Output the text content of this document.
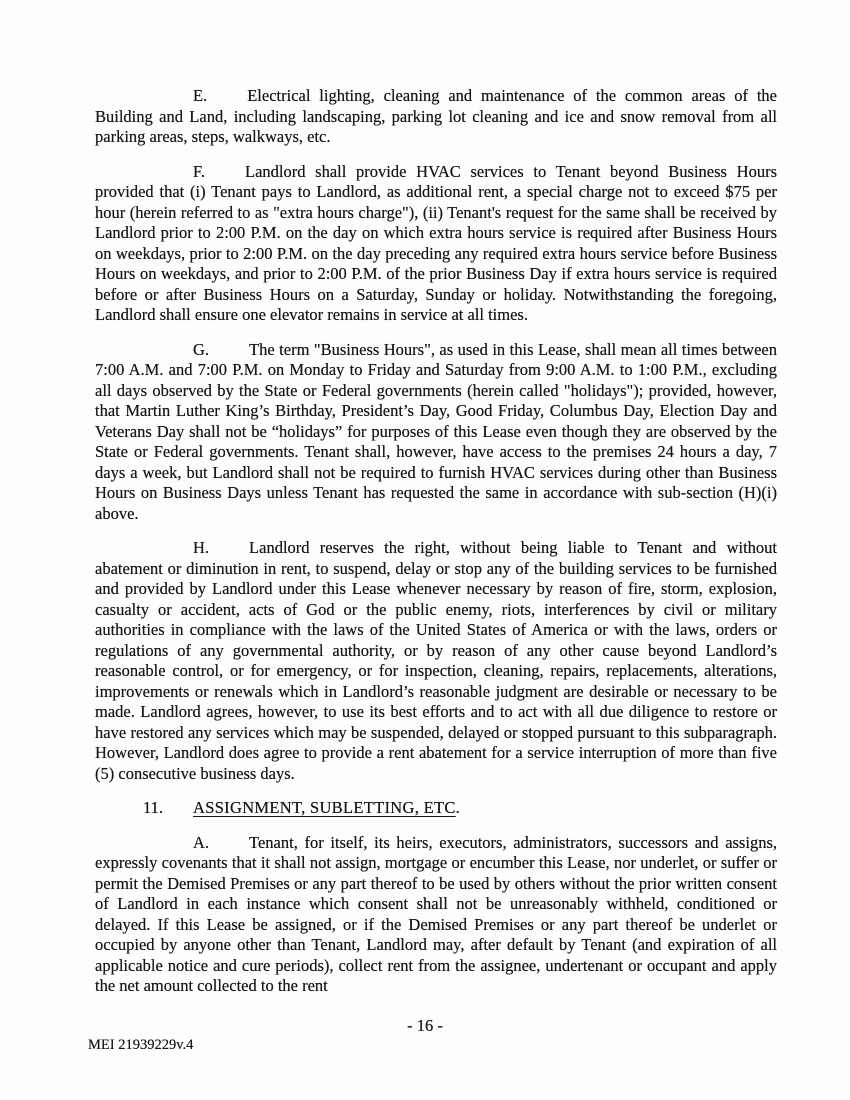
E. Electrical lighting, cleaning and maintenance of the common areas of the Building and Land, including landscaping, parking lot cleaning and ice and snow removal from all parking areas, steps, walkways, etc.

F. Landlord shall provide HVAC services to Tenant beyond Business Hours provided that (i) Tenant pays to Landlord, as additional rent, a special charge not to exceed $75 per hour (herein referred to as "extra hours charge"), (ii) Tenant's request for the same shall be received by Landlord prior to 2:00 P.M. on the day on which extra hours service is required after Business Hours on weekdays, prior to 2:00 P.M. on the day preceding any required extra hours service before Business Hours on weekdays, and prior to 2:00 P.M. of the prior Business Day if extra hours service is required before or after Business Hours on a Saturday, Sunday or holiday. Notwithstanding the foregoing, Landlord shall ensure one elevator remains in service at all times.

G. The term "Business Hours", as used in this Lease, shall mean all times between 7:00 A.M. and 7:00 P.M. on Monday to Friday and Saturday from 9:00 A.M. to 1:00 P.M., excluding all days observed by the State or Federal governments (herein called "holidays"); provided, however, that Martin Luther King’s Birthday, President’s Day, Good Friday, Columbus Day, Election Day and Veterans Day shall not be “holidays” for purposes of this Lease even though they are observed by the State or Federal governments. Tenant shall, however, have access to the premises 24 hours a day, 7 days a week, but Landlord shall not be required to furnish HVAC services during other than Business Hours on Business Days unless Tenant has requested the same in accordance with sub-section (H)(i) above.

H. Landlord reserves the right, without being liable to Tenant and without abatement or diminution in rent, to suspend, delay or stop any of the building services to be furnished and provided by Landlord under this Lease whenever necessary by reason of fire, storm, explosion, casualty or accident, acts of God or the public enemy, riots, interferences by civil or military authorities in compliance with the laws of the United States of America or with the laws, orders or regulations of any governmental authority, or by reason of any other cause beyond Landlord’s reasonable control, or for emergency, or for inspection, cleaning, repairs, replacements, alterations, improvements or renewals which in Landlord’s reasonable judgment are desirable or necessary to be made. Landlord agrees, however, to use its best efforts and to act with all due diligence to restore or have restored any services which may be suspended, delayed or stopped pursuant to this subparagraph. However, Landlord does agree to provide a rent abatement for a service interruption of more than five (5) consecutive business days.

11. ASSIGNMENT, SUBLETTING, ETC.

A. Tenant, for itself, its heirs, executors, administrators, successors and assigns, expressly covenants that it shall not assign, mortgage or encumber this Lease, nor underlet, or suffer or permit the Demised Premises or any part thereof to be used by others without the prior written consent of Landlord in each instance which consent shall not be unreasonably withheld, conditioned or delayed. If this Lease be assigned, or if the Demised Premises or any part thereof be underlet or occupied by anyone other than Tenant, Landlord may, after default by Tenant (and expiration of all applicable notice and cure periods), collect rent from the assignee, undertenant or occupant and apply the net amount collected to the rent

- 16 -
MEI 21939229v.4
